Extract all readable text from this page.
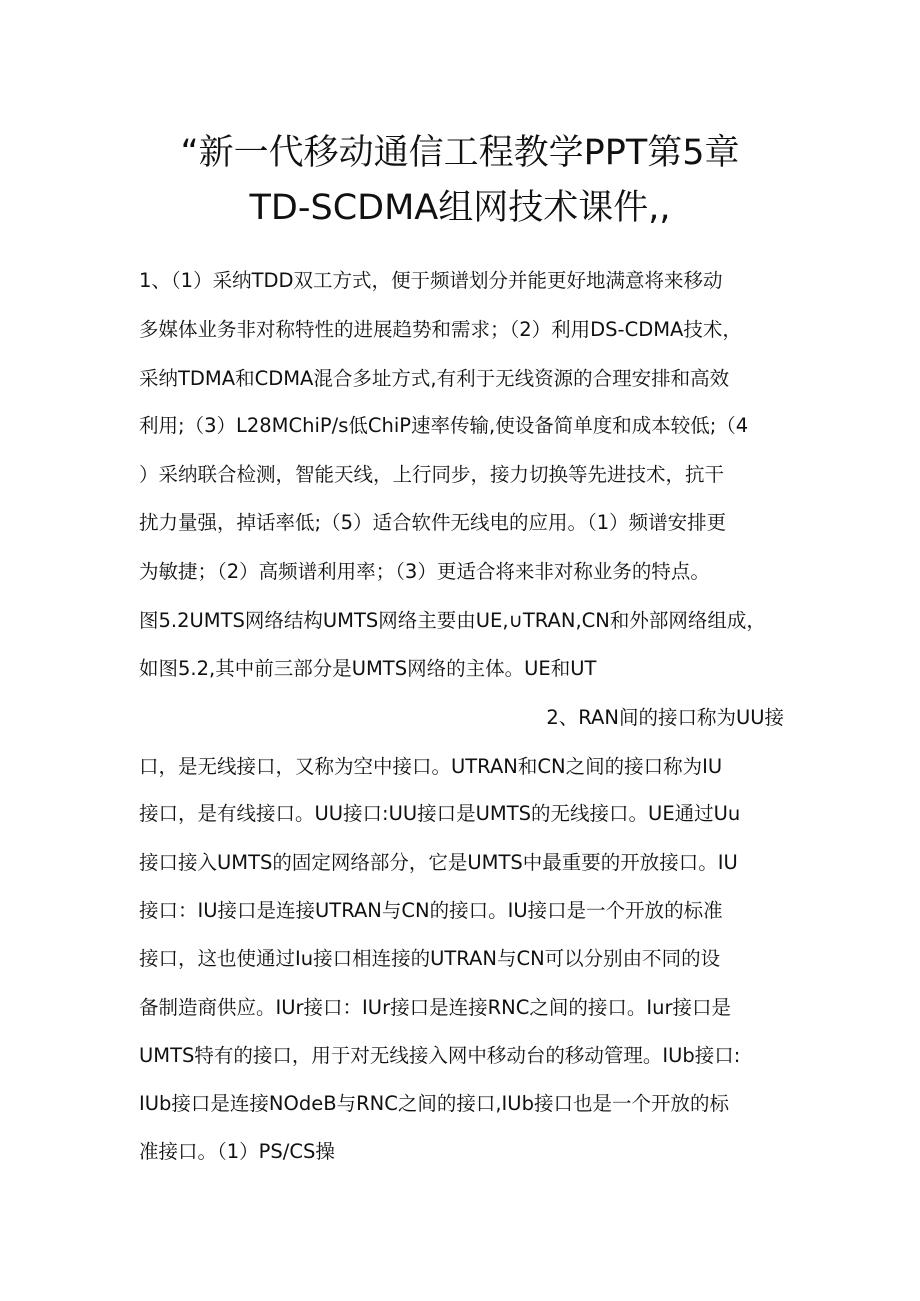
“新一代移动通信工程教学PPT第5章
TD-SCDMA组网技术课件,,
1、（1）采纳TDD双工方式，便于频谱划分并能更好地满意将来移动
多媒体业务非对称特性的进展趋势和需求；（2）利用DS-CDMA技术，
采纳TDMA和CDMA混合多址方式,有利于无线资源的合理安排和高效
利用;（3）L28MChiP/s低ChiP速率传输,使设备简单度和成本较低;（4
）采纳联合检测，智能天线，上行同步，接力切换等先进技术，抗干
扰力量强，掉话率低;（5）适合软件无线电的应用。（1）频谱安排更
为敏捷；（2）高频谱利用率；（3）更适合将来非对称业务的特点。
图5.2UMTS网络结构UMTS网络主要由UE,∪TRAN,CN和外部网络组成，
如图5.2,其中前三部分是UMTS网络的主体。UE和UT
2、RAN间的接口称为UU接
口，是无线接口，又称为空中接口。UTRAN和CN之间的接口称为IU
接口，是有线接口。UU接口:UU接口是UMTS的无线接口。UE通过Uu
接口接入UMTS的固定网络部分，它是UMTS中最重要的开放接口。IU
接口：IU接口是连接UTRAN与CN的接口。IU接口是一个开放的标准
接口，这也使通过Iu接口相连接的UTRAN与CN可以分别由不同的设
备制造商供应。IUr接口：IUr接口是连接RNC之间的接口。Iur接口是
UMTS特有的接口，用于对无线接入网中移动台的移动管理。IUb接口:
IUb接口是连接NOdeB与RNC之间的接口,IUb接口也是一个开放的标
准接口。（1）PS/CS操
